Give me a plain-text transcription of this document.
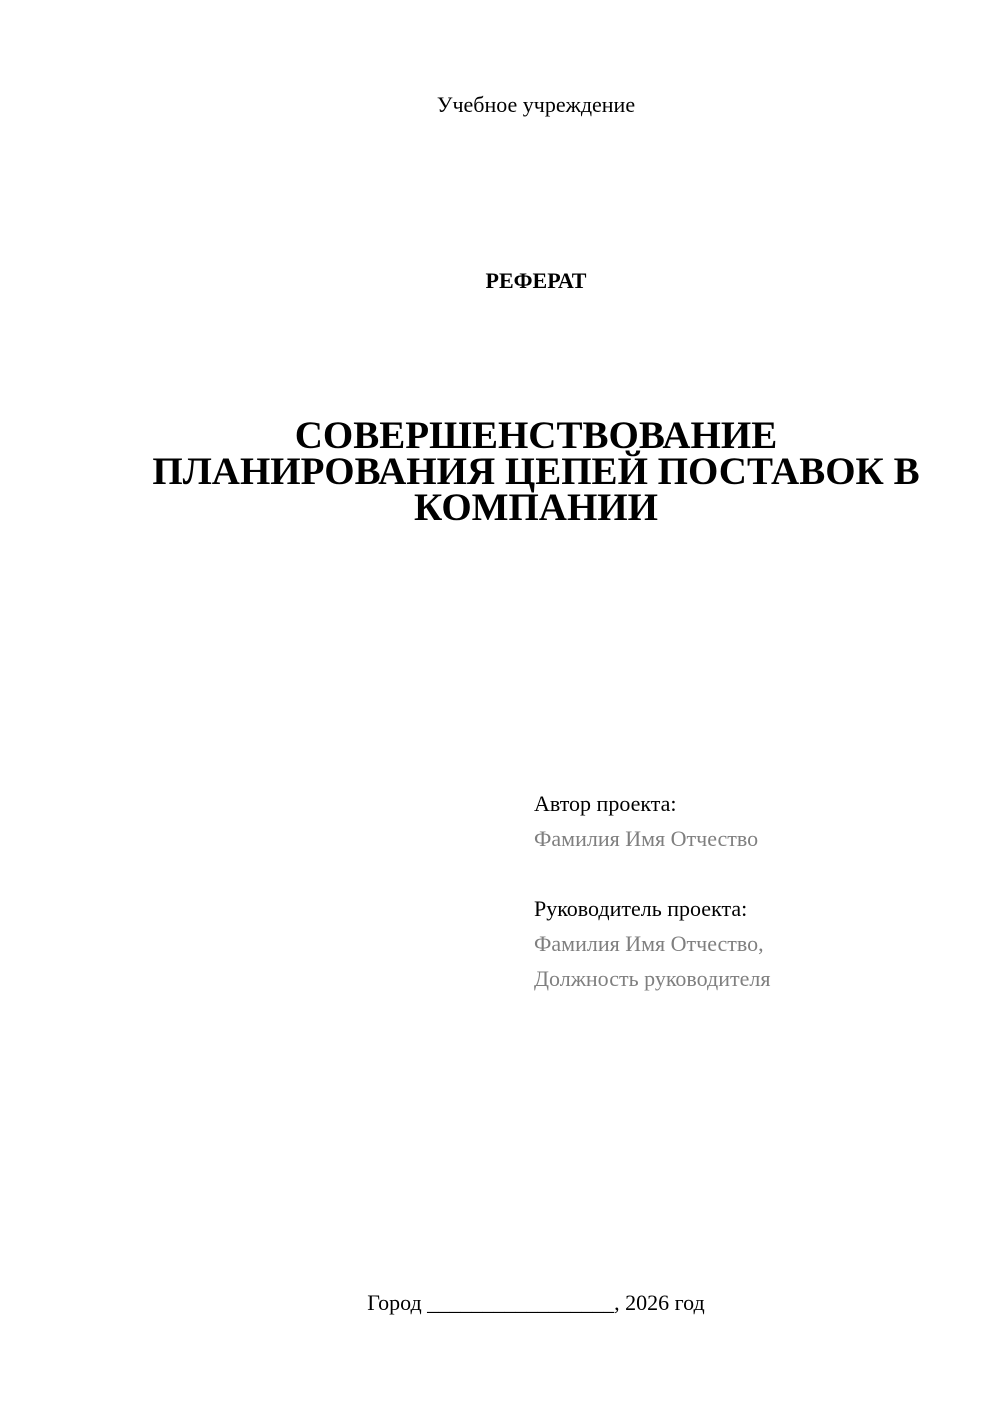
Учебное учреждение
РЕФЕРАТ
СОВЕРШЕНСТВОВАНИЕ
ПЛАНИРОВАНИЯ ЦЕПЕЙ ПОСТАВОК В
КОМПАНИИ
Автор проекта:
Фамилия Имя Отчество
Руководитель проекта:
Фамилия Имя Отчество,
Должность руководителя
Город _________________, 2026 год
